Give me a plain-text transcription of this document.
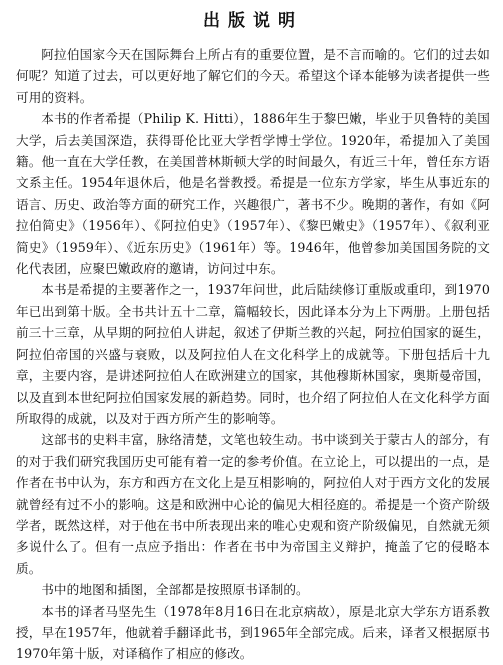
出版说明

阿拉伯国家今天在国际舞台上所占有的重要位置，是不言而喻的。它们的过去如何呢？知道了过去，可以更好地了解它们的今天。希望这个译本能够为读者提供一些可用的资料。

本书的作者希提（Philip K. Hitti），1886年生于黎巴嫩，毕业于贝鲁特的美国大学，后去美国深造，获得哥伦比亚大学哲学博士学位。1920年，希提加入了美国籍。他一直在大学任教，在美国普林斯顿大学的时间最久，有近三十年，曾任东方语文系主任。1954年退休后，他是名誉教授。希提是一位东方学家，毕生从事近东的语言、历史、政治等方面的研究工作，兴趣很广，著书不少。晚期的著作，有如《阿拉伯简史》（1956年）、《阿拉伯史》（1957年）、《黎巴嫩史》（1957年）、《叙利亚简史》（1959年）、《近东历史》（1961年）等。1946年，他曾参加美国国务院的文化代表团，应聚巴嫩政府的邀请，访问过中东。

本书是希提的主要著作之一，1937年问世，此后陆续修订重版或重印，到1970年已出到第十版。全书共计五十二章，篇幅较长，因此译本分为上下两册。上册包括前三十三章，从早期的阿拉伯人讲起，叙述了伊斯兰教的兴起，阿拉伯国家的诞生，阿拉伯帝国的兴盛与衰败，以及阿拉伯人在文化科学上的成就等。下册包括后十九章，主要内容，是讲述阿拉伯人在欧洲建立的国家，其他穆斯林国家，奥斯曼帝国，以及直到本世纪阿拉伯国家发展的新趋势。同时，也介绍了阿拉伯人在文化科学方面所取得的成就，以及对于西方所产生的影响等。

这部书的史料丰富，脉络清楚，文笔也较生动。书中谈到关于蒙古人的部分，有的对于我们研究我国历史可能有着一定的参考价值。在立论上，可以提出的一点，是作者在书中认为，东方和西方在文化上是互相影响的，阿拉伯人对于西方文化的发展就曾经有过不小的影响。这是和欧洲中心论的偏见大相径庭的。希提是一个资产阶级学者，既然这样，对于他在书中所表现出来的唯心史观和资产阶级偏见，自然就无须多说什么了。但有一点应予指出：作者在书中为帝国主义辩护，掩盖了它的侵略本质。

书中的地图和插图，全部都是按照原书译制的。

本书的译者马坚先生（1978年8月16日在北京病故），原是北京大学东方语系教授，早在1957年，他就着手翻译此书，到1965年全部完成。后来，译者又根据原书1970年第十版，对译稿作了相应的修改。
